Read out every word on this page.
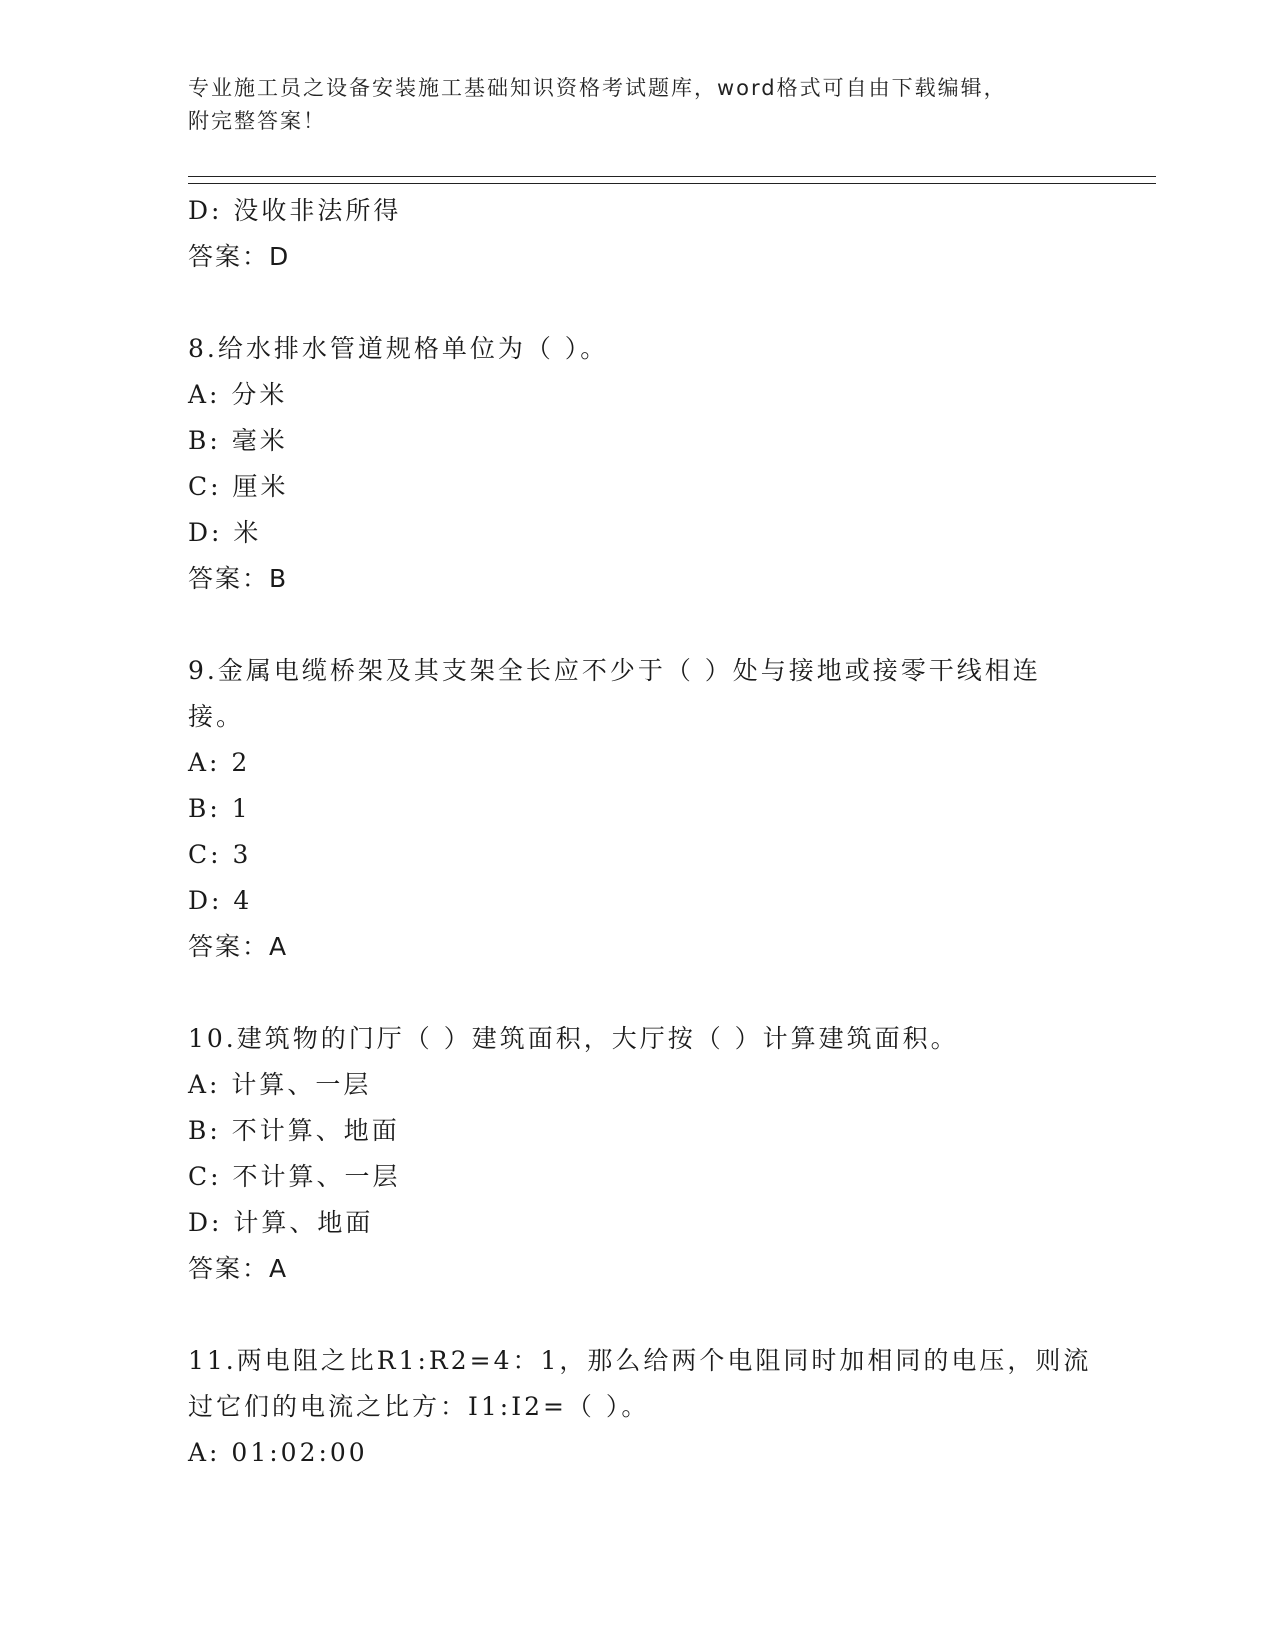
专业施工员之设备安装施工基础知识资格考试题库，word格式可自由下载编辑，
附完整答案！
D: 没收非法所得
答案：D
8.给水排水管道规格单位为（ ）。
A: 分米
B: 毫米
C: 厘米
D: 米
答案：B
9.金属电缆桥架及其支架全长应不少于（ ）处与接地或接零干线相连
接。
A: 2
B: 1
C: 3
D: 4
答案：A
10.建筑物的门厅（ ）建筑面积，大厅按（ ）计算建筑面积。
A: 计算、一层
B: 不计算、地面
C: 不计算、一层
D: 计算、地面
答案：A
11.两电阻之比R1:R2=4：1，那么给两个电阻同时加相同的电压，则流
过它们的电流之比方：I1:I2=（ ）。
A: 01:02:00
